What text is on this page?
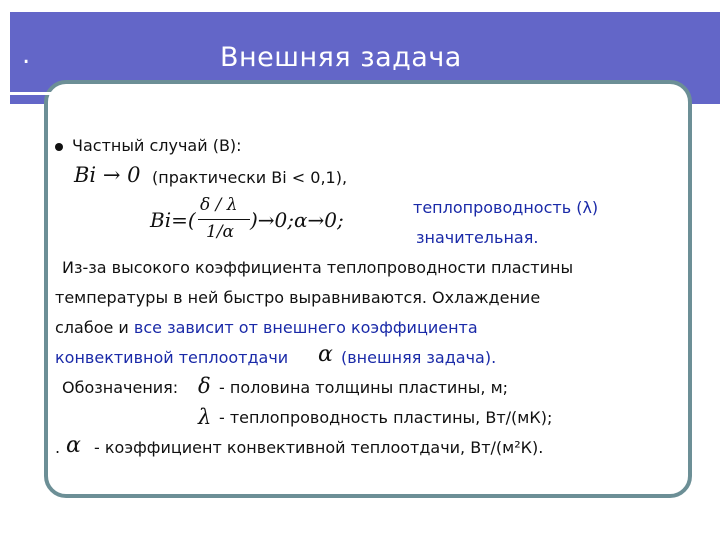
.	Внешняя задача
Частный случай (В):
Bi → 0 (практически Bi < 0,1),
Bi=(
δ / λ
1/α )→0;α→0;
теплопроводность (λ)
значительная.
Из-за высокого коэффициента теплопроводности пластины
температуры в ней быстро выравниваются. Охлаждение
слабое и все зависит от внешнего коэффициента
конвективной теплоотдачи α (внешняя задача).
Обозначения: δ - половина толщины пластины, м;
λ - теплопроводность пластины, Вт/(мК);
. α - коэффициент конвективной теплоотдачи, Вт/(м²К).
